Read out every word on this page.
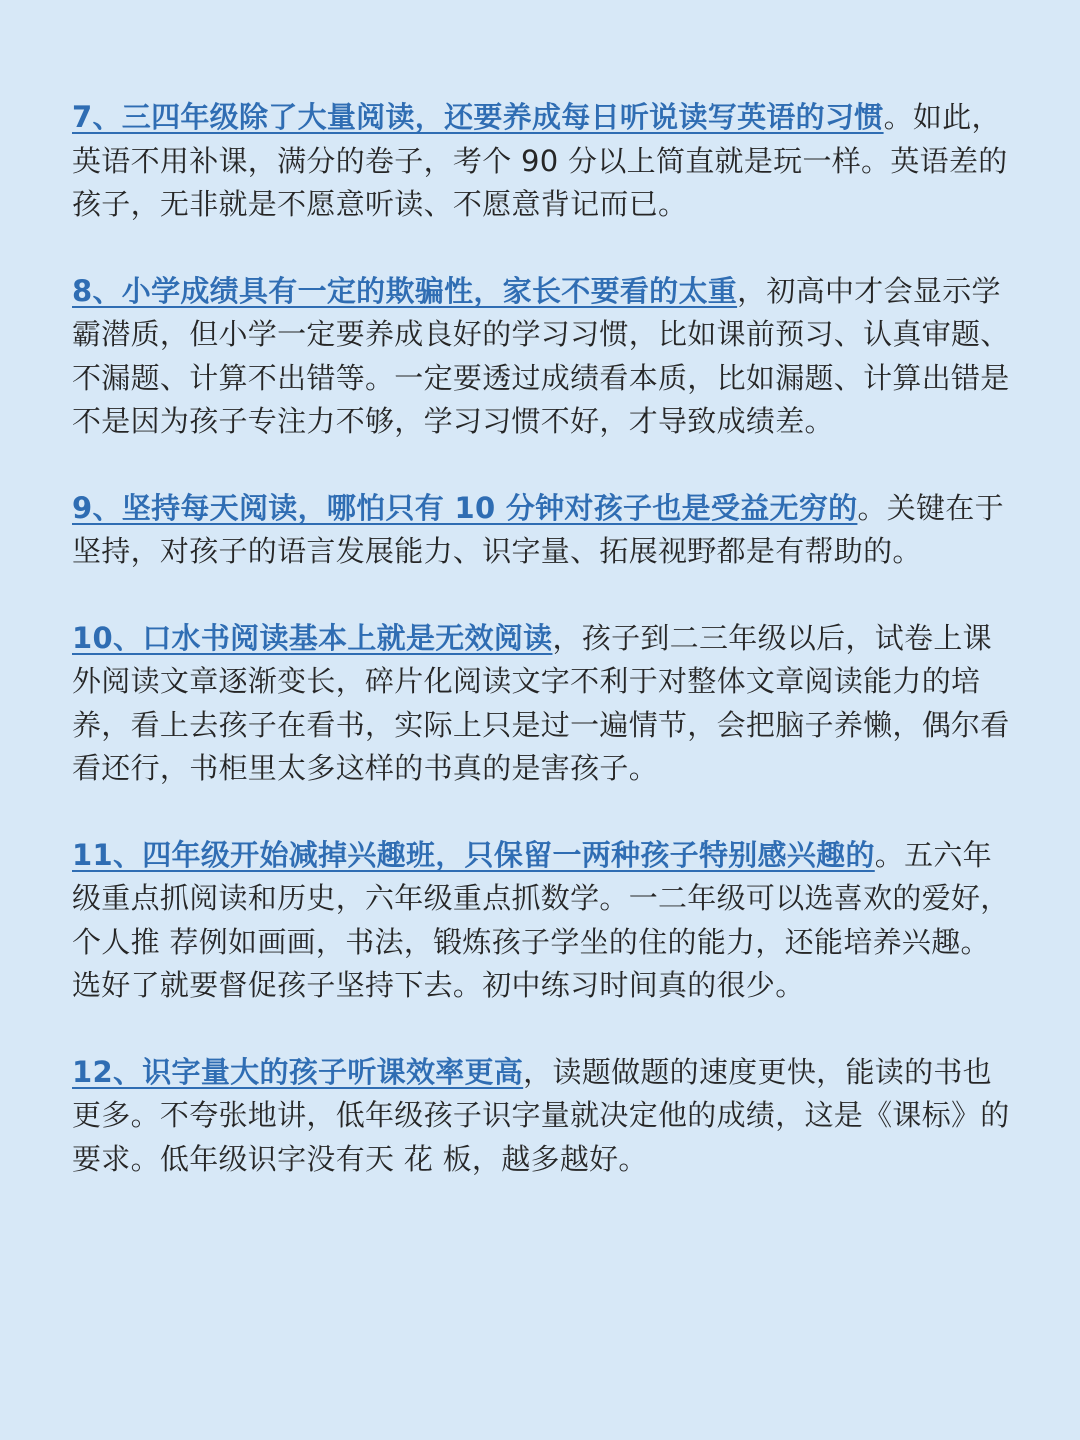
7、三四年级除了大量阅读，还要养成每日听说读写英语的习惯。如此，英语不用补课，满分的卷子，考个 90 分以上简直就是玩一样。英语差的孩子，无非就是不愿意听读、不愿意背记而已。

8、小学成绩具有一定的欺骗性，家长不要看的太重，初高中才会显示学霸潜质，但小学一定要养成良好的学习习惯，比如课前预习、认真审题、不漏题、计算不出错等。一定要透过成绩看本质，比如漏题、计算出错是不是因为孩子专注力不够，学习习惯不好，才导致成绩差。

9、坚持每天阅读，哪怕只有 10 分钟对孩子也是受益无穷的。关键在于坚持，对孩子的语言发展能力、识字量、拓展视野都是有帮助的。

10、口水书阅读基本上就是无效阅读，孩子到二三年级以后，试卷上课外阅读文章逐渐变长，碎片化阅读文字不利于对整体文章阅读能力的培养，看上去孩子在看书，实际上只是过一遍情节，会把脑子养懒，偶尔看看还行，书柜里太多这样的书真的是害孩子。

11、四年级开始减掉兴趣班，只保留一两种孩子特别感兴趣的。五六年级重点抓阅读和历史，六年级重点抓数学。一二年级可以选喜欢的爱好，个人推 荐例如画画，书法，锻炼孩子学坐的住的能力，还能培养兴趣。选好了就要督促孩子坚持下去。初中练习时间真的很少。

12、识字量大的孩子听课效率更高，读题做题的速度更快，能读的书也更多。不夸张地讲，低年级孩子识字量就决定他的成绩，这是《课标》的要求。低年级识字没有天 花 板，越多越好。
